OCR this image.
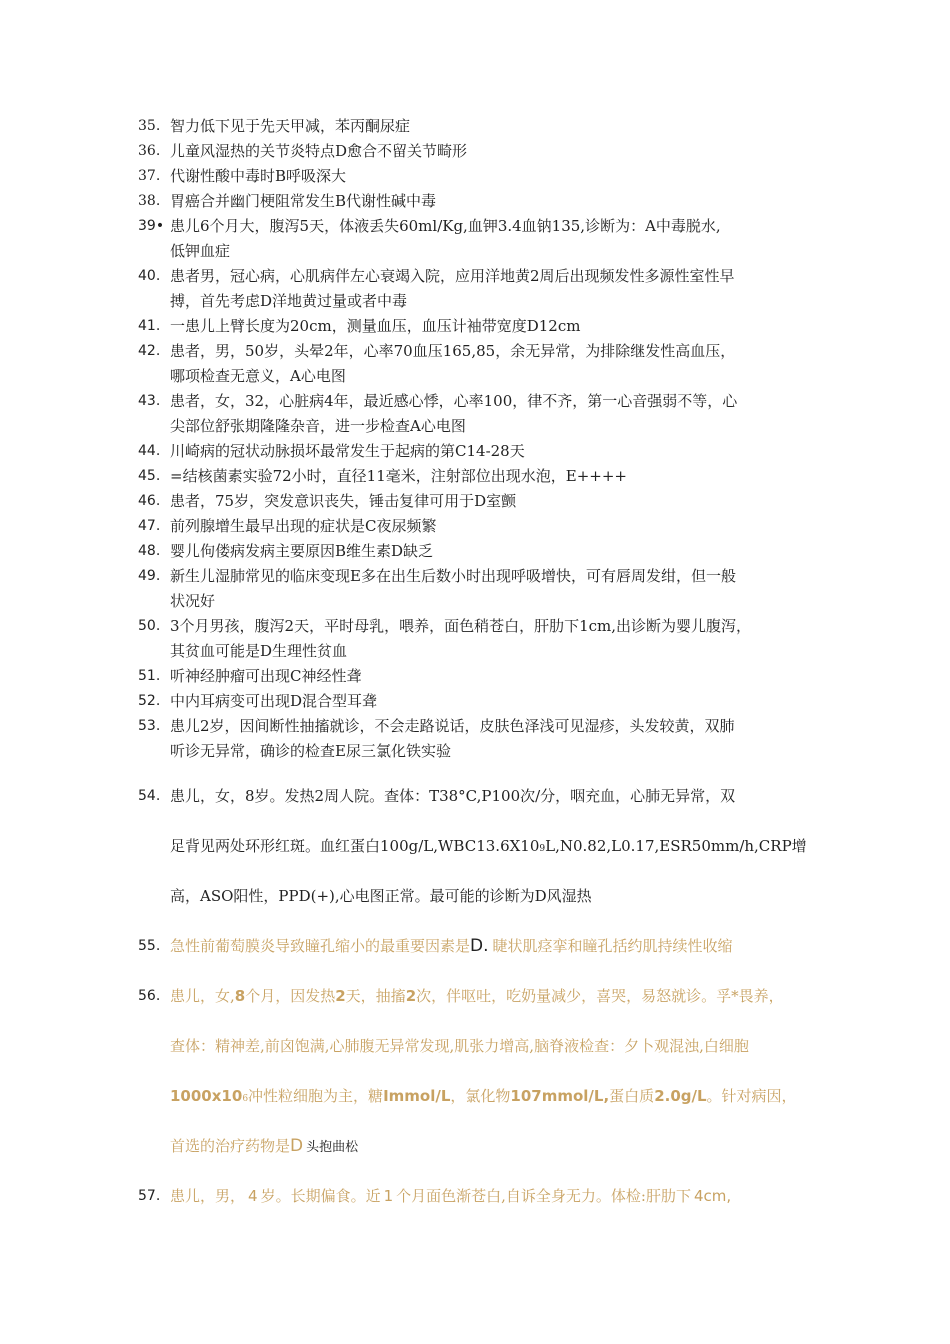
35. 智力低下见于先天甲减，苯丙酮尿症
36. 儿童风湿热的关节炎特点D愈合不留关节畸形
37. 代谢性酸中毒时B呼吸深大
38. 胃癌合并幽门梗阻常发生B代谢性碱中毒
39• 患儿6个月大，腹泻5天，体液丢失60ml/Kg,血钾3.4血钠135,诊断为：A中毒脱水,
低钾血症
40. 患者男，冠心病，心肌病伴左心衰竭入院，应用洋地黄2周后出现频发性多源性室性早
搏，首先考虑D洋地黄过量或者中毒
41. 一患儿上臂长度为20cm，测量血压，血压计袖带宽度D12cm
42. 患者，男，50岁，头晕2年，心率70血压165,85，余无异常，为排除继发性高血压，
哪项检查无意义，A心电图
43. 患者，女，32，心脏病4年，最近感心悸，心率100，律不齐，第一心音强弱不等，心
尖部位舒张期隆隆杂音，进一步检查A心电图
44. 川崎病的冠状动脉损坏最常发生于起病的第C14-28天
45. =结核菌素实验72小时，直径11毫米，注射部位出现水泡，E++++
46. 患者，75岁，突发意识丧失，锤击复律可用于D室颤
47. 前列腺增生最早出现的症状是C夜尿频繁
48. 婴儿佝偻病发病主要原因B维生素D缺乏
49. 新生儿湿肺常见的临床变现E多在出生后数小时出现呼吸增快，可有唇周发绀，但一般
状况好
50. 3个月男孩，腹泻2天，平时母乳，喂养，面色稍苍白，肝肋下1cm,出诊断为婴儿腹泻，
其贫血可能是D生理性贫血
51. 听神经肿瘤可出现C神经性聋
52. 中内耳病变可出现D混合型耳聋
53. 患儿2岁，因间断性抽搐就诊，不会走路说话，皮肤色泽浅可见湿疹，头发较黄，双肺
听诊无异常，确诊的检查E尿三氯化铁实验
54. 患儿，女，8岁。发热2周人院。查体：T38°C,P100次/分，咽充血，心肺无异常，双
足背见两处环形红斑。血红蛋白100g/L,WBC13.6X109L,N0.82,L0.17,ESR50mm/h,CRP增
高，ASO阳性，PPD(+),心电图正常。最可能的诊断为D风湿热
55. 急性前葡萄膜炎导致瞳孔缩小的最重要因素是D. 睫状肌痉挛和瞳孔括约肌持续性收缩
56. 患儿，女,8个月，因发热2天，抽搐2次，伴呕吐，吃奶量减少，喜哭，易怒就诊。孚*畏养，
查体：精神差,前囟饱满,心肺腹无异常发现,肌张力增高,脑脊液检查：夕卜观混浊,白细胞
1000x106冲性粒细胞为主，糖Immol/L，氯化物107mmol/L,蛋白质2.0g/L。针对病因，
首选的治疗药物是D 头抱曲松
57. 患儿，男， 4 岁。长期偏食。近 1 个月面色渐苍白,自诉全身无力。体检:肝肋下 4cm,
